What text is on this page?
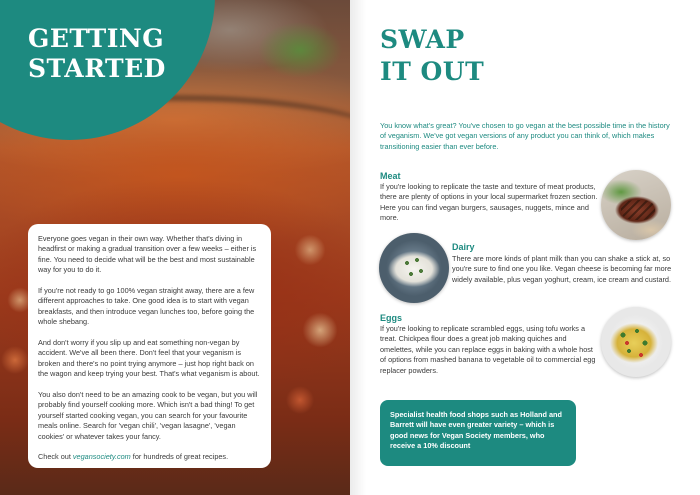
GETTING
STARTED

Everyone goes vegan in their own way. Whether that's diving in headfirst or making a gradual transition over a few weeks – either is fine. You need to decide what will be the best and most sustainable way for you to do it.

If you're not ready to go 100% vegan straight away, there are a few different approaches to take. One good idea is to start with vegan breakfasts, and then introduce vegan lunches too, before going the whole shebang.

And don't worry if you slip up and eat something non-vegan by accident. We've all been there. Don't feel that your veganism is broken and there's no point trying anymore – just hop right back on the wagon and keep trying your best. That's what veganism is about.

You also don't need to be an amazing cook to be vegan, but you will probably find yourself cooking more. Which isn't a bad thing! To get yourself started cooking vegan, you can search for your favourite meals online. Search for 'vegan chili', 'vegan lasagne', 'vegan cookies' or whatever takes your fancy.

Check out vegansociety.com for hundreds of great recipes.

SWAP
IT OUT

You know what's great? You've chosen to go vegan at the best possible time in the history of veganism. We've got vegan versions of any product you can think of, which makes transitioning easier than ever before.

Meat

If you're looking to replicate the taste and texture of meat products, there are plenty of options in your local supermarket frozen section. Here you can find vegan burgers, sausages, nuggets, mince and more.

Dairy

There are more kinds of plant milk than you can shake a stick at, so you're sure to find one you like. Vegan cheese is becoming far more widely available, plus vegan yoghurt, cream, ice cream and custard.

Eggs

If you're looking to replicate scrambled eggs, using tofu works a treat. Chickpea flour does a great job making quiches and omelettes, while you can replace eggs in baking with a whole host of options from mashed banana to vegetable oil to commercial egg replacer powders.

Specialist health food shops such as Holland and Barrett will have even greater variety – which is good news for Vegan Society members, who receive a 10% discount
